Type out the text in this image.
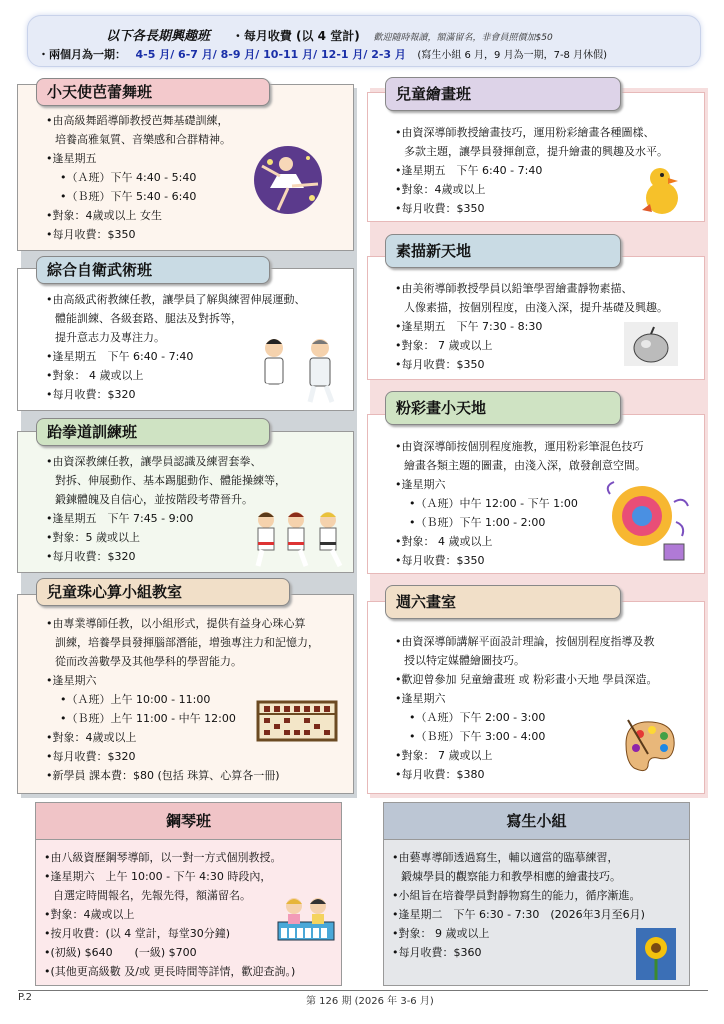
以下各長期興趣班 ・每月收費 (以 4 堂計) 歡迎隨時報讀，額滿留名，非會員照價加$50
・兩個月為一期： 4-5 月/ 6-7 月/ 8-9 月/ 10-11 月/ 12-1 月/ 2-3 月 (寫生小組 6 月，9 月為一期，7-8 月休假)
小天使芭蕾舞班
•由高級舞蹈導師教授芭舞基礎訓練，
培養高雅氣質、音樂感和合群精神。
•逢星期五
•（Ａ班）下午 4:40 - 5:40
•（Ｂ班）下午 5:40 - 6:40
•對象：4歲或以上 女生
•每月收費：$350
綜合自衛武術班
•由高級武術教練任教，讓學員了解與練習伸展運動、
體能訓練、各級套路、腿法及對拆等，
提升意志力及專注力。
•逢星期五　下午 6:40 - 7:40
•對象： 4 歲或以上
•每月收費：$320
跆拳道訓練班
•由資深教練任教，讓學員認識及練習套拳、
對拆、伸展動作、基本踢腿動作、體能操練等，
鍛鍊體魄及自信心，並按階段考帶晉升。
•逢星期五　下午 7:45 - 9:00
•對象：5 歲或以上
•每月收費：$320
兒童珠心算小組教室
•由專業導師任教，以小組形式，提供有益身心珠心算
訓練，培養學員發揮腦部潛能，增強專注力和記憶力，
從而改善數學及其他學科的學習能力。
•逢星期六
•（Ａ班）上午 10:00 - 11:00
•（Ｂ班）上午 11:00 - 中午 12:00
•對象：4歲或以上
•每月收費：$320
•新學員 課本費：$80 (包括 珠算、心算各一冊)
兒童繪畫班
•由資深導師教授繪畫技巧，運用粉彩繪畫各種圖樣、
多款主題，讓學員發揮創意，提升繪畫的興趣及水平。
•逢星期五　下午 6:40 - 7:40
•對象：4歲或以上
•每月收費：$350
素描新天地
•由美術導師教授學員以鉛筆學習繪畫靜物素描、
人像素描，按個別程度，由淺入深，提升基礎及興趣。
•逢星期五　下午 7:30 - 8:30
•對象： 7 歲或以上
•每月收費：$350
粉彩畫小天地
•由資深導師按個別程度施教，運用粉彩筆混色技巧
繪畫各類主題的圖畫，由淺入深，啟發創意空間。
•逢星期六
•（Ａ班）中午 12:00 - 下午 1:00
•（Ｂ班）下午 1:00 - 2:00
•對象： 4 歲或以上
•每月收費：$350
週六畫室
•由資深導師講解平面設計理論，按個別程度指導及教
授以特定媒體繪圖技巧。
•歡迎曾參加 兒童繪畫班 或 粉彩畫小天地 學員深造。
•逢星期六
•（Ａ班）下午 2:00 - 3:00
•（Ｂ班）下午 3:00 - 4:00
•對象： 7 歲或以上
•每月收費：$380
鋼琴班
•由八級資歷鋼琴導師，以一對一方式個別教授。
•逢星期六　上午 10:00 - 下午 4:30 時段內，
自選定時間報名，先報先得，額滿留名。
•對象：4歲或以上
•按月收費：(以 4 堂計，每堂30分鐘)
•(初級) $640　　(一級) $700
•(其他更高級數 及/或 更長時間等詳情，歡迎查詢。)
寫生小組
•由藝專導師透過寫生，輔以適當的臨摹練習，
鍛煉學員的觀察能力和教學相應的繪畫技巧。
•小組旨在培養學員對靜物寫生的能力，循序漸進。
•逢星期二　下午 6:30 - 7:30　(2026年3月至6月)
•對象： 9 歲或以上
•每月收費：$360
P.2	第 126 期 (2026 年 3-6 月)
